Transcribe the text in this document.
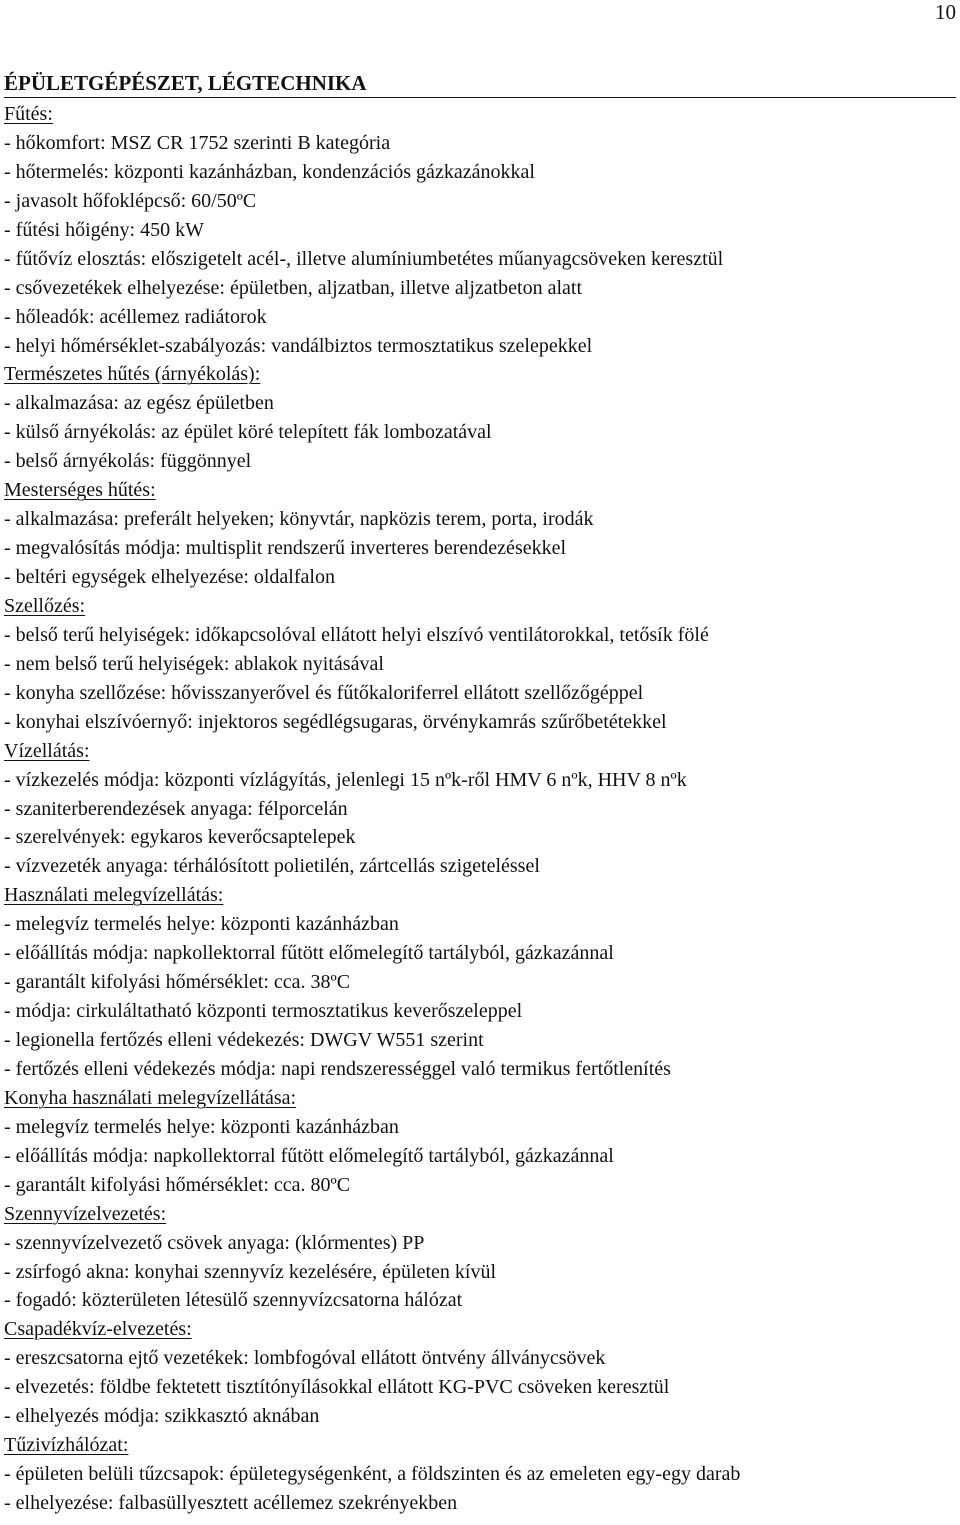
10
ÉPÜLETGÉPÉSZET, LÉGTECHNIKA
Fűtés:
- hőkomfort: MSZ CR 1752 szerinti B kategória
- hőtermelés: központi kazánházban, kondenzációs gázkazánokkal
- javasolt hőfoklépcső: 60/50ºC
- fűtési hőigény: 450 kW
- fűtővíz elosztás: előszigetelt acél-, illetve alumíniumbetétes műanyagcsöveken keresztül
- csővezetékek elhelyezése: épületben, aljzatban, illetve aljzatbeton alatt
- hőleadók: acéllemez radiátorok
- helyi hőmérséklet-szabályozás: vandálbiztos termosztatikus szelepekkel
Természetes hűtés (árnyékolás):
- alkalmazása: az egész épületben
- külső árnyékolás: az épület köré telepített fák lombozatával
- belső árnyékolás: függönnyel
Mesterséges hűtés:
- alkalmazása: preferált helyeken; könyvtár, napközis terem, porta, irodák
- megvalósítás módja: multisplit rendszerű inverteres berendezésekkel
- beltéri egységek elhelyezése: oldalfalon
Szellőzés:
- belső terű helyiségek: időkapcsolóval ellátott helyi elszívó ventilátorokkal, tetősík fölé
- nem belső terű helyiségek: ablakok nyitásával
- konyha szellőzése: hővisszanyerővel és fűtőkaloriferrel ellátott szellőzőgéppel
- konyhai elszívóernyő: injektoros segédlégsugaras, örvénykamrás szűrőbetétekkel
Vízellátás:
- vízkezelés módja: központi vízlágyítás, jelenlegi 15 nºk-ről HMV 6 nºk, HHV 8 nºk
- szaniterberendezések anyaga: félporcelán
- szerelvények: egykaros keverőcsaptelepek
- vízvezeték anyaga: térhálósított polietilén, zártcellás szigeteléssel
Használati melegvízellátás:
- melegvíz termelés helye: központi kazánházban
- előállítás módja: napkollektorral fűtött előmelegítő tartályból, gázkazánnal
- garantált kifolyási hőmérséklet: cca. 38ºC
- módja: cirkuláltatható központi termosztatikus keverőszeleppel
- legionella fertőzés elleni védekezés: DWGV W551 szerint
- fertőzés elleni védekezés módja: napi rendszerességgel való termikus fertőtlenítés
Konyha használati melegvízellátása:
- melegvíz termelés helye: központi kazánházban
- előállítás módja: napkollektorral fűtött előmelegítő tartályból, gázkazánnal
- garantált kifolyási hőmérséklet: cca. 80ºC
Szennyvízelvezetés:
- szennyvízelvezető csövek anyaga: (klórmentes) PP
- zsírfogó akna: konyhai szennyvíz kezelésére, épületen kívül
- fogadó: közterületen létesülő szennyvízcsatorna hálózat
Csapadékvíz-elvezetés:
- ereszcsatorna ejtő vezetékek: lombfogóval ellátott öntvény állványcsövek
- elvezetés: földbe fektetett tisztítónyílásokkal ellátott KG-PVC csöveken keresztül
- elhelyezés módja: szikkasztó aknában
Tűzivízhálózat:
- épületen belüli tűzcsapok: épületegységenként, a földszinten és az emeleten egy-egy darab
- elhelyezése: falbasüllyesztett acéllemez szekrényekben
